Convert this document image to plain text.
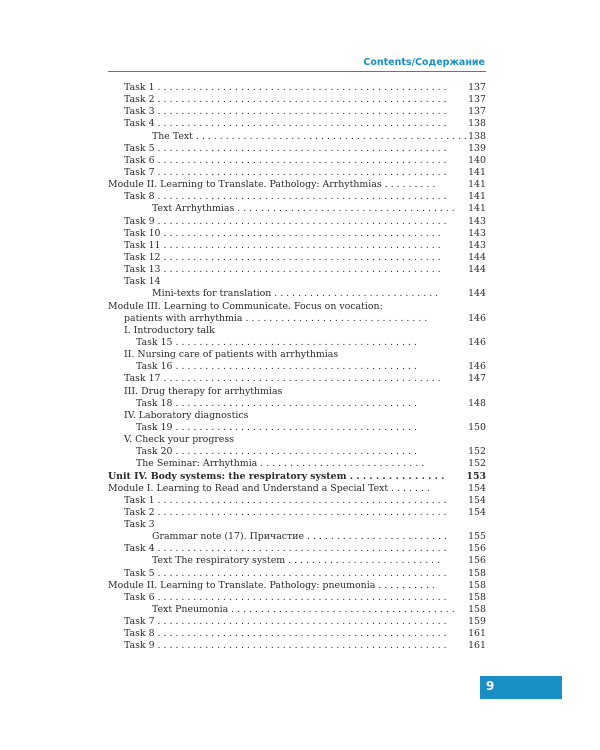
Contents/Содержание
Task 1 . . . . . . . . . . . . . . . . . . . . . . . . . . . . . . . . . . . . . . . . . . . . . . . . . 137
Task 2 . . . . . . . . . . . . . . . . . . . . . . . . . . . . . . . . . . . . . . . . . . . . . . . . . 137
Task 3 . . . . . . . . . . . . . . . . . . . . . . . . . . . . . . . . . . . . . . . . . . . . . . . . . 137
Task 4 . . . . . . . . . . . . . . . . . . . . . . . . . . . . . . . . . . . . . . . . . . . . . . . . . 138
The Text . . . . . . . . . . . . . . . . . . . . . . . . . . . . . . . . . . . . . . . . . . . . . . 138
Task 5 . . . . . . . . . . . . . . . . . . . . . . . . . . . . . . . . . . . . . . . . . . . . . . . . . 139
Task 6 . . . . . . . . . . . . . . . . . . . . . . . . . . . . . . . . . . . . . . . . . . . . . . . . . 140
Task 7 . . . . . . . . . . . . . . . . . . . . . . . . . . . . . . . . . . . . . . . . . . . . . . . . . 141
Module II. Learning to Translate. Pathology: Arrhythmias . . . . . . . . .	141
Task 8 . . . . . . . . . . . . . . . . . . . . . . . . . . . . . . . . . . . . . . . . . . . . . . . . . 141
Text Arrhythmias . . . . . . . . . . . . . . . . . . . . . . . . . . . . . . . . . . . . . 141
Task 9 . . . . . . . . . . . . . . . . . . . . . . . . . . . . . . . . . . . . . . . . . . . . . . . . . 143
Task 10 . . . . . . . . . . . . . . . . . . . . . . . . . . . . . . . . . . . . . . . . . . . . . . .	143
Task 11 . . . . . . . . . . . . . . . . . . . . . . . . . . . . . . . . . . . . . . . . . . . . . . .	143
Task 12 . . . . . . . . . . . . . . . . . . . . . . . . . . . . . . . . . . . . . . . . . . . . . . .	144
Task 13 . . . . . . . . . . . . . . . . . . . . . . . . . . . . . . . . . . . . . . . . . . . . . . .	144
Task 14
Mini-texts for translation . . . . . . . . . . . . . . . . . . . . . . . . . . . .	144
Module III. Learning to Communicate. Focus on vocation:
patients with arrhythmia . . . . . . . . . . . . . . . . . . . . . . . . . . . . . . .	146
I. Introductory talk
Task 15 . . . . . . . . . . . . . . . . . . . . . . . . . . . . . . . . . . . . . . . . .	146
II. Nursing care of patients with arrhythmias
Task 16 . . . . . . . . . . . . . . . . . . . . . . . . . . . . . . . . . . . . . . . . .	146
Task 17 . . . . . . . . . . . . . . . . . . . . . . . . . . . . . . . . . . . . . . . . . . . . . . .	147
III. Drug therapy for arrhythmias
Task 18 . . . . . . . . . . . . . . . . . . . . . . . . . . . . . . . . . . . . . . . . .	148
IV. Laboratory diagnostics
Task 19 . . . . . . . . . . . . . . . . . . . . . . . . . . . . . . . . . . . . . . . . .	150
V. Check your progress
Task 20 . . . . . . . . . . . . . . . . . . . . . . . . . . . . . . . . . . . . . . . . .	152
The Seminar: Arrhythmia . . . . . . . . . . . . . . . . . . . . . . . . . . . .	152
Unit IV. Body systems: the respiratory system . . . . . . . . . . . . . . . 153
Module I. Learning to Read and Understand a Special Text . . . . . . .	154
Task 1 . . . . . . . . . . . . . . . . . . . . . . . . . . . . . . . . . . . . . . . . . . . . . . . . . 154
Task 2 . . . . . . . . . . . . . . . . . . . . . . . . . . . . . . . . . . . . . . . . . . . . . . . . . 154
Task 3
Grammar note (17). Причастие . . . . . . . . . . . . . . . . . . . . . . . . 155
Task 4 . . . . . . . . . . . . . . . . . . . . . . . . . . . . . . . . . . . . . . . . . . . . . . . . . 156
Text The respiratory system . . . . . . . . . . . . . . . . . . . . . . . . . .	156
Task 5 . . . . . . . . . . . . . . . . . . . . . . . . . . . . . . . . . . . . . . . . . . . . . . . . . 158
Module II. Learning to Translate. Pathology: pneumonia . . . . . . . . . .	158
Task 6 . . . . . . . . . . . . . . . . . . . . . . . . . . . . . . . . . . . . . . . . . . . . . . . . . 158
Text Pneumonia . . . . . . . . . . . . . . . . . . . . . . . . . . . . . . . . . . . . . . 158
Task 7 . . . . . . . . . . . . . . . . . . . . . . . . . . . . . . . . . . . . . . . . . . . . . . . . . 159
Task 8 . . . . . . . . . . . . . . . . . . . . . . . . . . . . . . . . . . . . . . . . . . . . . . . . . 161
Task 9 . . . . . . . . . . . . . . . . . . . . . . . . . . . . . . . . . . . . . . . . . . . . . . . . . 161
9
